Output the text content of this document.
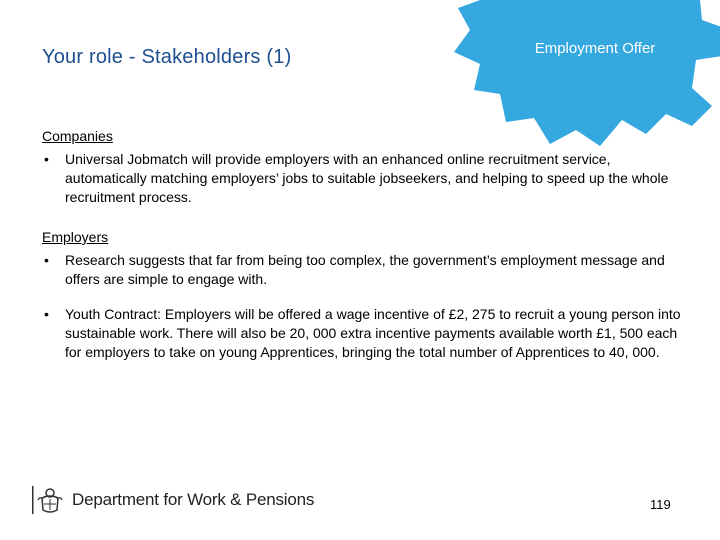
Employment Offer
Your role - Stakeholders (1)

Companies

• Universal Jobmatch will provide employers with an enhanced online recruitment service, automatically matching employers’ jobs to suitable jobseekers, and helping to speed up the whole recruitment process.

Employers

• Research suggests that far from being too complex, the government’s employment message and offers are simple to engage with.

• Youth Contract: Employers will be offered a wage incentive of £2, 275 to recruit a young person into sustainable work. There will also be 20, 000 extra incentive payments available worth £1, 500 each for employers to take on young Apprentices, bringing the total number of Apprentices to 40, 000.

Department for Work & Pensions	119
